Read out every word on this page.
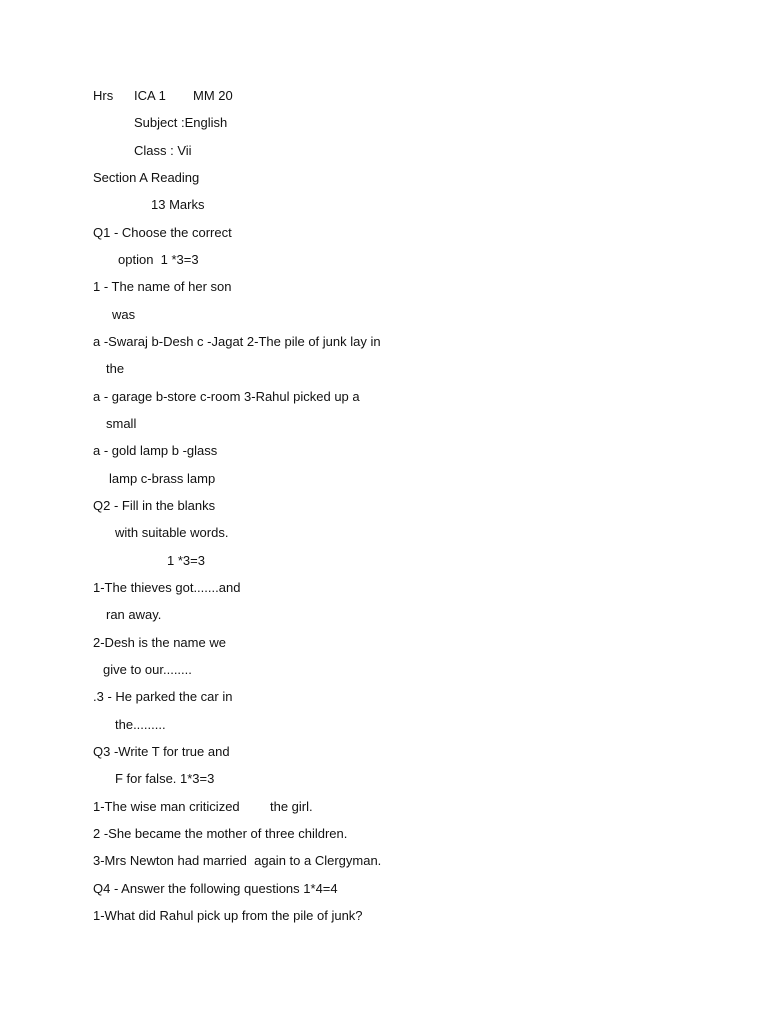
Hrs ICA 1 MM 20
Subject :English
Class : Vii
Section A Reading
13 Marks
Q1 - Choose the correct
option  1 *3=3
1 - The name of her son
was
a -Swaraj b-Desh c -Jagat 2-The pile of junk lay in
the
a - garage b-store c-room 3-Rahul picked up a
small
a - gold lamp b -glass
lamp c-brass lamp
Q2 - Fill in the blanks
with suitable words.
1 *3=3
1-The thieves got.......and
ran away.
2-Desh is the name we
give to our........
.3 - He parked the car in
the.........
Q3 -Write T for true and
F for false. 1*3=3
1-The wise man criticized the girl.
2 -She became the mother of three children.
3-Mrs Newton had married  again to a Clergyman.
Q4 - Answer the following questions 1*4=4
1-What did Rahul pick up from the pile of junk?
